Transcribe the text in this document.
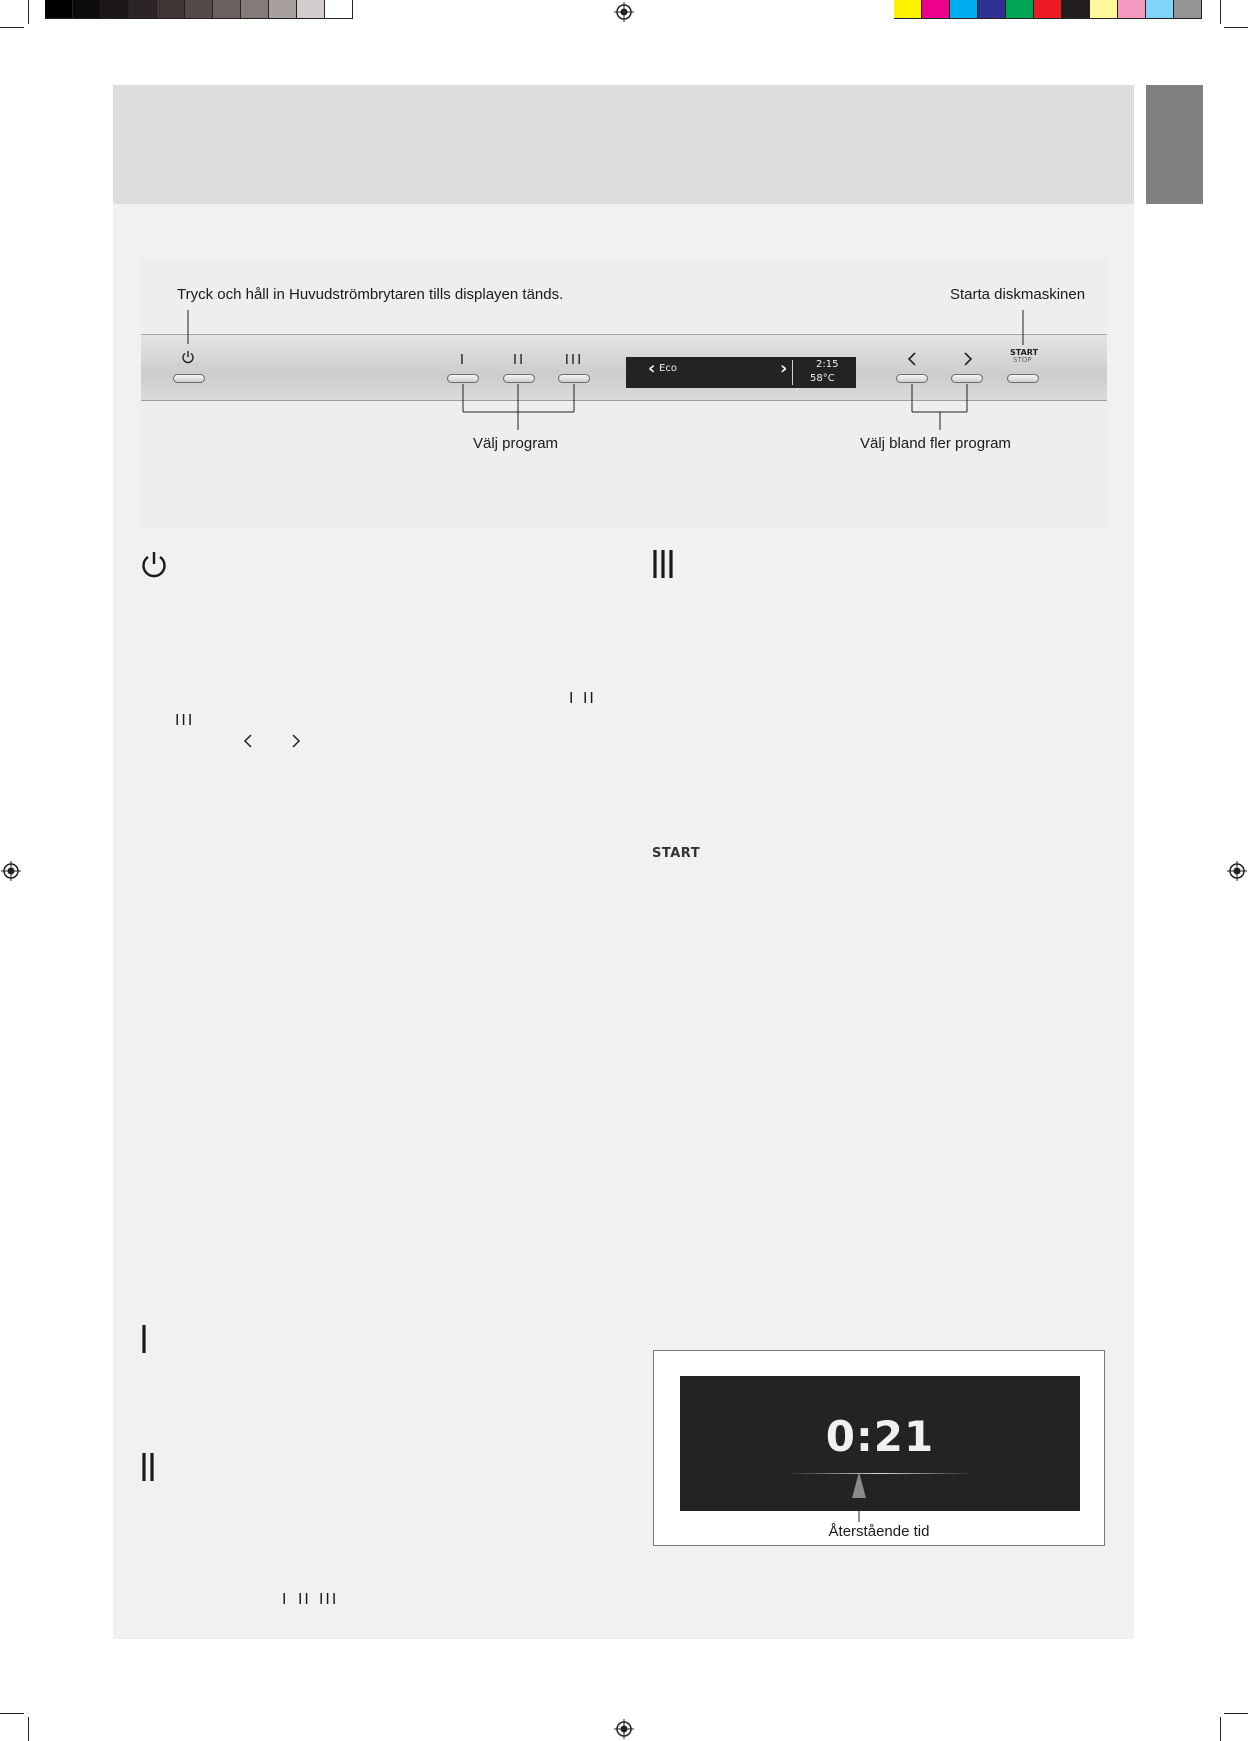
Tryck och håll in Huvudströmbrytaren tills displayen tänds.	Starta diskmaskinen
I	II	III	‹ Eco	›	2:15
58°C
START
STOP
Välj program	Välj bland fler program
I II
III
START
I II III
0:21
Återstående tid
